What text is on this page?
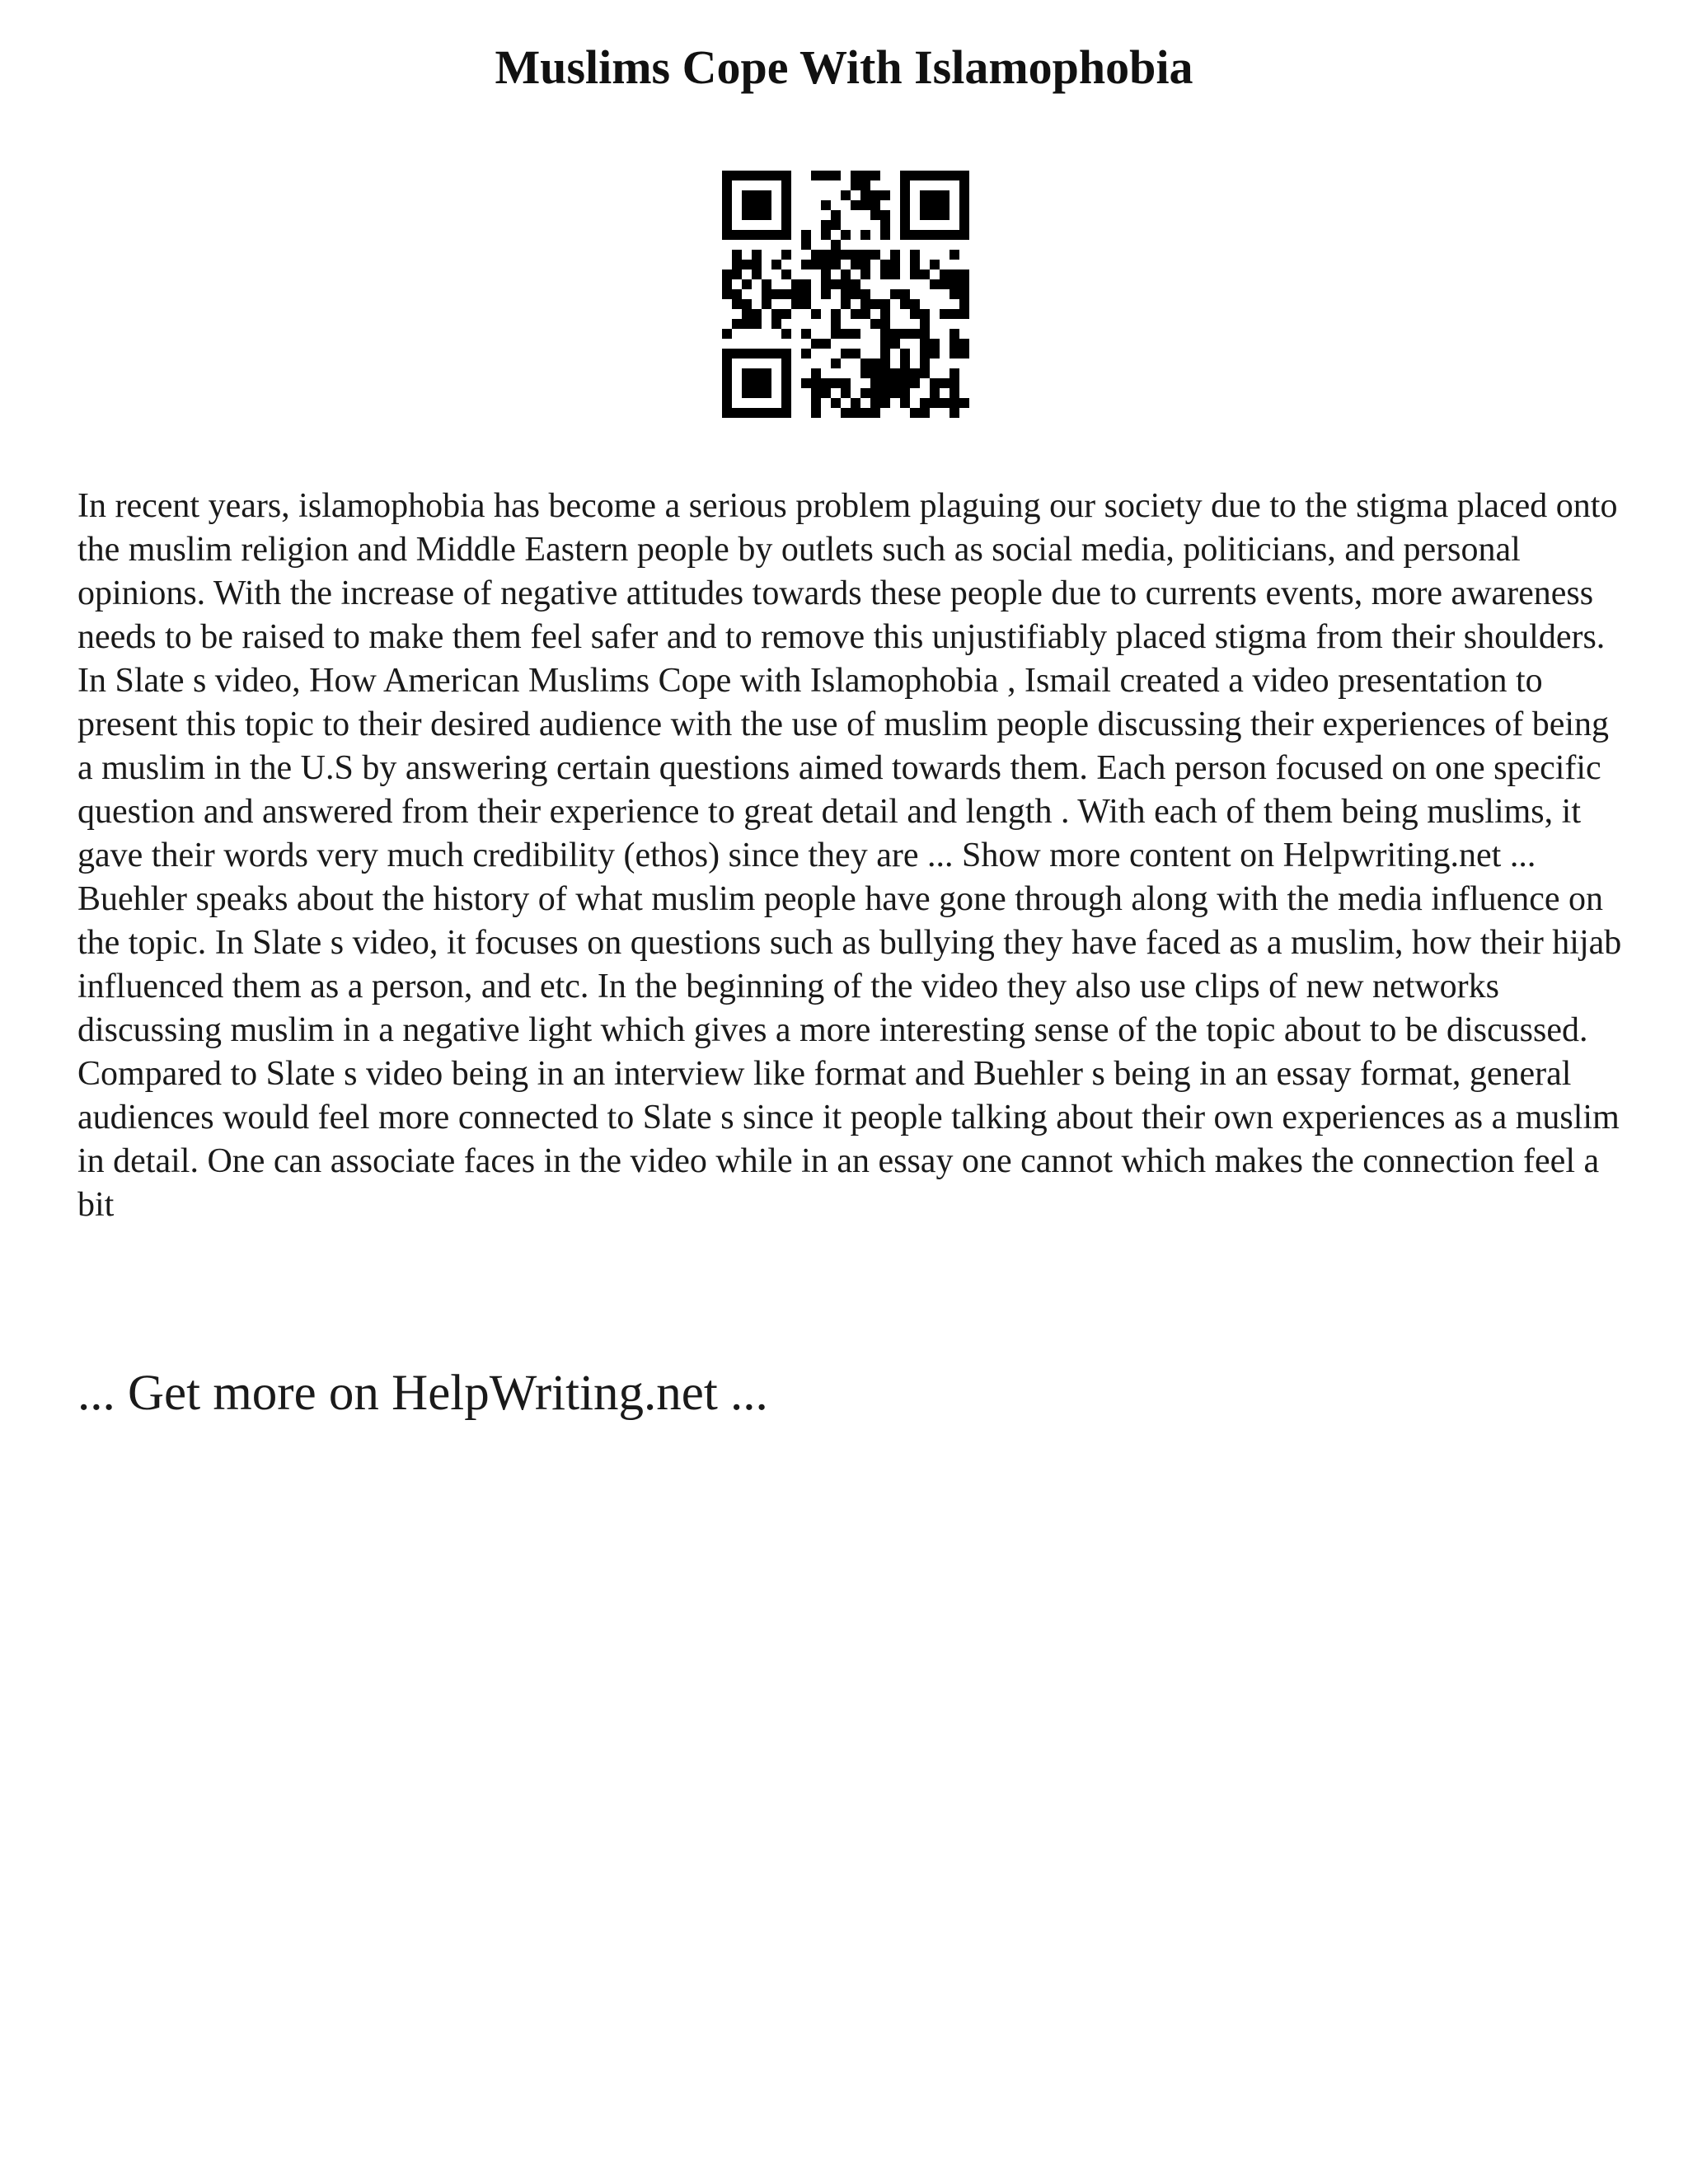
Muslims Cope With Islamophobia

In recent years, islamophobia has become a serious problem plaguing our society due to the stigma placed onto the muslim religion and Middle Eastern people by outlets such as social media, politicians, and personal opinions. With the increase of negative attitudes towards these people due to currents events, more awareness needs to be raised to make them feel safer and to remove this unjustifiably placed stigma from their shoulders.

In Slate s video, How American Muslims Cope with Islamophobia , Ismail created a video presentation to present this topic to their desired audience with the use of muslim people discussing their experiences of being a muslim in the U.S by answering certain questions aimed towards them. Each person focused on one specific question and answered from their experience to great detail and length . With each of them being muslims, it gave their words very much credibility (ethos) since they are ... Show more content on Helpwriting.net ...

Buehler speaks about the history of what muslim people have gone through along with the media influence on the topic. In Slate s video, it focuses on questions such as bullying they have faced as a muslim, how their hijab influenced them as a person, and etc. In the beginning of the video they also use clips of new networks discussing muslim in a negative light which gives a more interesting sense of the topic about to be discussed. Compared to Slate s video being in an interview like format and Buehler s being in an essay format, general audiences would feel more connected to Slate s since it people talking about their own experiences as a muslim in detail. One can associate faces in the video while in an essay one cannot which makes the connection feel a bit

... Get more on HelpWriting.net ...
